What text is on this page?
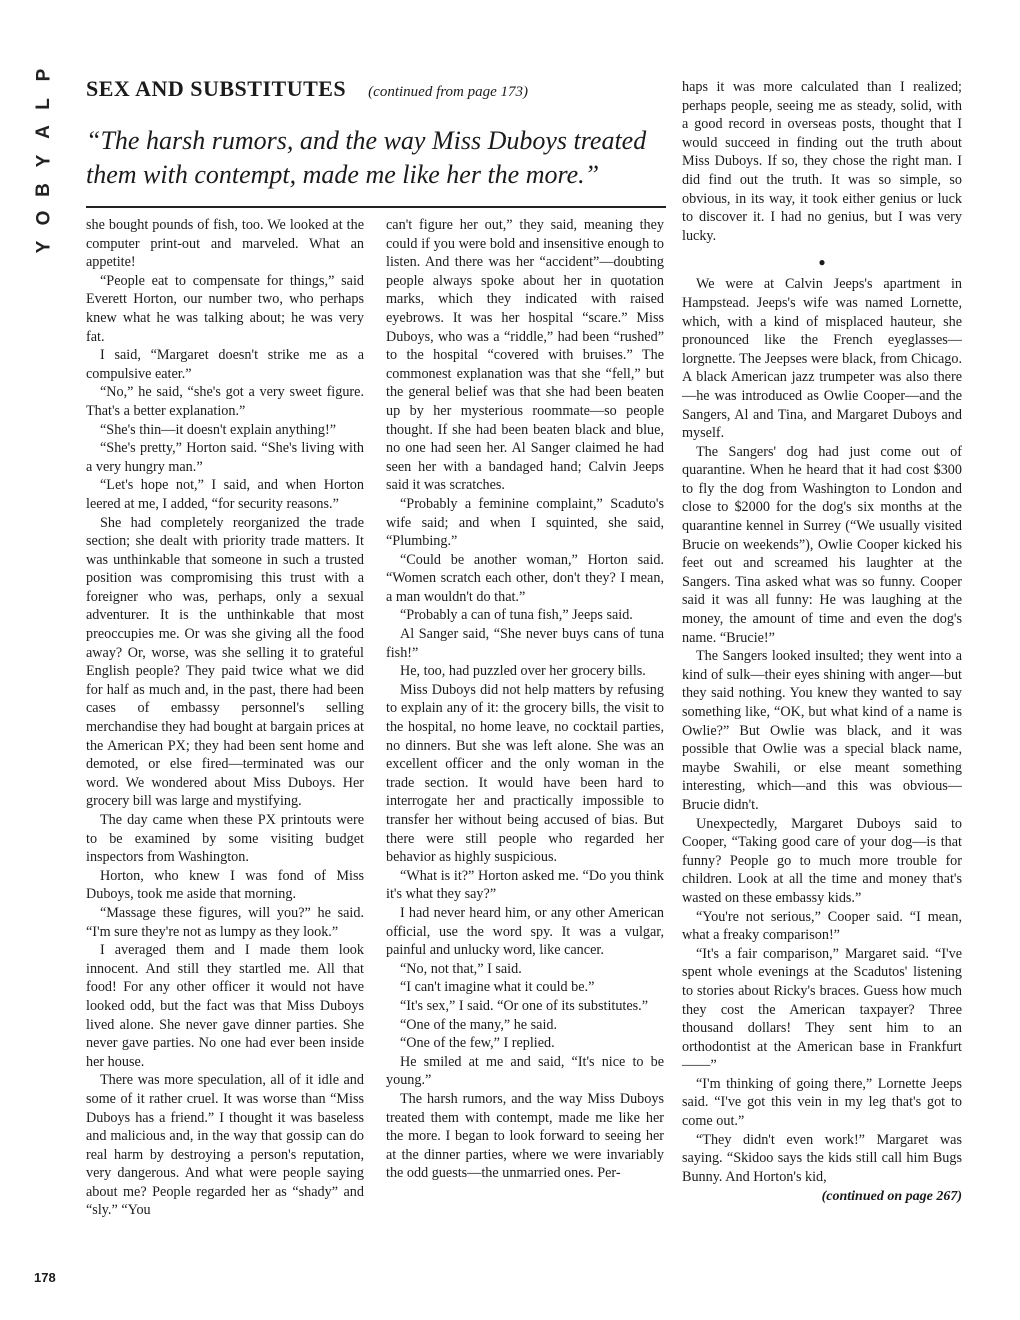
P
L
A
Y
B
O
Y
SEX AND SUBSTITUTES (continued from page 173)
“The harsh rumors, and the way Miss Duboys treated them with contempt, made me like her the more.”

she bought pounds of fish, too. We looked at the computer print-out and marveled. What an appetite!

“People eat to compensate for things,” said Everett Horton, our number two, who perhaps knew what he was talking about; he was very fat.

I said, “Margaret doesn't strike me as a compulsive eater.”

“No,” he said, “she's got a very sweet figure. That's a better explanation.”

“She's thin—it doesn't explain anything!”

“She's pretty,” Horton said. “She's living with a very hungry man.”

“Let's hope not,” I said, and when Horton leered at me, I added, “for security reasons.”

She had completely reorganized the trade section; she dealt with priority trade matters. It was unthinkable that someone in such a trusted position was compromising this trust with a foreigner who was, perhaps, only a sexual adventurer. It is the unthinkable that most preoccupies me. Or was she giving all the food away? Or, worse, was she selling it to grateful English people? They paid twice what we did for half as much and, in the past, there had been cases of embassy personnel's selling merchandise they had bought at bargain prices at the American PX; they had been sent home and demoted, or else fired—terminated was our word. We wondered about Miss Duboys. Her grocery bill was large and mystifying.

The day came when these PX printouts were to be examined by some visiting budget inspectors from Washington.

Horton, who knew I was fond of Miss Duboys, took me aside that morning.

“Massage these figures, will you?” he said. “I'm sure they're not as lumpy as they look.”

I averaged them and I made them look innocent. And still they startled me. All that food! For any other officer it would not have looked odd, but the fact was that Miss Duboys lived alone. She never gave dinner parties. She never gave parties. No one had ever been inside her house.

There was more speculation, all of it idle and some of it rather cruel. It was worse than “Miss Duboys has a friend.” I thought it was baseless and malicious and, in the way that gossip can do real harm by destroying a person's reputation, very dangerous. And what were people saying about me? People regarded her as “shady” and “sly.” “You

can't figure her out,” they said, meaning they could if you were bold and insensitive enough to listen. And there was her “accident”—doubting people always spoke about her in quotation marks, which they indicated with raised eyebrows. It was her hospital “scare.” Miss Duboys, who was a “riddle,” had been “rushed” to the hospital “covered with bruises.” The commonest explanation was that she “fell,” but the general belief was that she had been beaten up by her mysterious roommate—so people thought. If she had been beaten black and blue, no one had seen her. Al Sanger claimed he had seen her with a bandaged hand; Calvin Jeeps said it was scratches.

“Probably a feminine complaint,” Scaduto's wife said; and when I squinted, she said, “Plumbing.”

“Could be another woman,” Horton said. “Women scratch each other, don't they? I mean, a man wouldn't do that.”

“Probably a can of tuna fish,” Jeeps said.

Al Sanger said, “She never buys cans of tuna fish!”

He, too, had puzzled over her grocery bills.

Miss Duboys did not help matters by refusing to explain any of it: the grocery bills, the visit to the hospital, no home leave, no cocktail parties, no dinners. But she was left alone. She was an excellent officer and the only woman in the trade section. It would have been hard to interrogate her and practically impossible to transfer her without being accused of bias. But there were still people who regarded her behavior as highly suspicious.

“What is it?” Horton asked me. “Do you think it's what they say?”

I had never heard him, or any other American official, use the word spy. It was a vulgar, painful and unlucky word, like cancer.

“No, not that,” I said.

“I can't imagine what it could be.”

“It's sex,” I said. “Or one of its substitutes.”

“One of the many,” he said.

“One of the few,” I replied.

He smiled at me and said, “It's nice to be young.”

The harsh rumors, and the way Miss Duboys treated them with contempt, made me like her the more. I began to look forward to seeing her at the dinner parties, where we were invariably the odd guests—the unmarried ones. Per-

haps it was more calculated than I realized; perhaps people, seeing me as steady, solid, with a good record in overseas posts, thought that I would succeed in finding out the truth about Miss Duboys. If so, they chose the right man. I did find out the truth. It was so simple, so obvious, in its way, it took either genius or luck to discover it. I had no genius, but I was very lucky.

●

We were at Calvin Jeeps's apartment in Hampstead. Jeeps's wife was named Lornette, which, with a kind of misplaced hauteur, she pronounced like the French eyeglasses—lorgnette. The Jeepses were black, from Chicago. A black American jazz trumpeter was also there—he was introduced as Owlie Cooper—and the Sangers, Al and Tina, and Margaret Duboys and myself.

The Sangers' dog had just come out of quarantine. When he heard that it had cost $300 to fly the dog from Washington to London and close to $2000 for the dog's six months at the quarantine kennel in Surrey (“We usually visited Brucie on weekends”), Owlie Cooper kicked his feet out and screamed his laughter at the Sangers. Tina asked what was so funny. Cooper said it was all funny: He was laughing at the money, the amount of time and even the dog's name. “Brucie!”

The Sangers looked insulted; they went into a kind of sulk—their eyes shining with anger—but they said nothing. You knew they wanted to say something like, “OK, but what kind of a name is Owlie?” But Owlie was black, and it was possible that Owlie was a special black name, maybe Swahili, or else meant something interesting, which—and this was obvious—Brucie didn't.

Unexpectedly, Margaret Duboys said to Cooper, “Taking good care of your dog—is that funny? People go to much more trouble for children. Look at all the time and money that's wasted on these embassy kids.”

“You're not serious,” Cooper said. “I mean, what a freaky comparison!”

“It's a fair comparison,” Margaret said. “I've spent whole evenings at the Scadutos' listening to stories about Ricky's braces. Guess how much they cost the American taxpayer? Three thousand dollars! They sent him to an orthodontist at the American base in Frankfurt——”

“I'm thinking of going there,” Lornette Jeeps said. “I've got this vein in my leg that's got to come out.”

“They didn't even work!” Margaret was saying. “Skidoo says the kids still call him Bugs Bunny. And Horton's kid,

(continued on page 267)
178
